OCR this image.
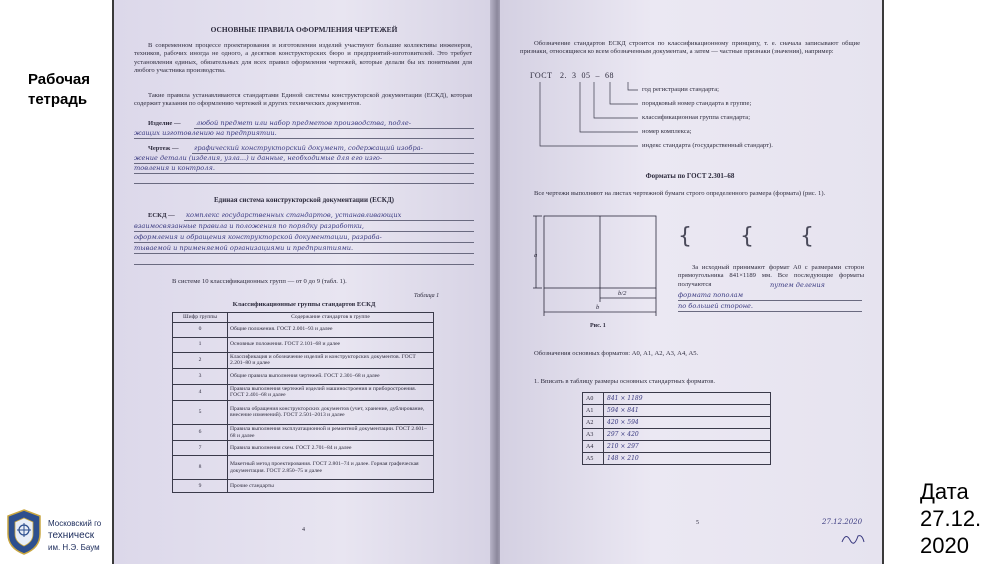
Рабочая
тетрадь
Дата
27.12.
2020
Московский го
техническ
им. Н.Э. Баум
ОСНОВНЫЕ ПРАВИЛА ОФОРМЛЕНИЯ ЧЕРТЕЖЕЙ
В современном процессе проектирования и изготовления изделий участвуют большие коллективы инженеров, техников, рабочих иногда не одного, а десятков конструкторских бюро и предприятий-изготовителей. Это требует установления единых, обязательных для всех правил оформления чертежей, которые делали бы их понятными для любого участника производства.
Такие правила устанавливаются стандартами Единой системы конструкторской документации (ЕСКД), которая содержит указания по оформлению чертежей и других технических документов.
Изделие — любой предмет или набор предметов производства, подле-
жащих изготовлению на предприятии.
Чертеж — графический конструкторский документ, содержащий изобра-
жение детали (изделия, узла...) и данные, необходимые для его изго-
товления и контроля.
Единая система конструкторской документации (ЕСКД)
ЕСКД — комплекс государственных стандартов, устанавливающих
взаимосвязанные правила и положения по порядку разработки,
оформления и обращения конструкторской документации, разраба-
тываемой и применяемой организациями и предприятиями.
В системе 10 классификационных групп — от 0 до 9 (табл. 1).
Таблица 1
Классификационные группы стандартов ЕСКД
Шифр группы	Содержание стандартов в группе
0	Общие положения. ГОСТ 2.001–93 и далее
1	Основные положения. ГОСТ 2.101–68 и далее
2	Классификация и обозначение изделий и конструкторских документов. ГОСТ 2.201–80 и далее
3	Общие правила выполнения чертежей. ГОСТ 2.301–68 и далее
4	Правила выполнения чертежей изделий машиностроения и приборостроения. ГОСТ 2.401–68 и далее
5	Правила обращения конструкторских документов (учет, хранение, дублирование, внесение изменений). ГОСТ 2.501–2013 и далее
6	Правила выполнения эксплуатационной и ремонтной документации. ГОСТ 2.601–68 и далее
7	Правила выполнения схем. ГОСТ 2.701–84 и далее
8	Макетный метод проектирования. ГОСТ 2.801–74 и далее. Горная графическая документация. ГОСТ 2.850–75 и далее
9	Прочие стандарты
4
Обозначение стандартов ЕСКД строится по классификационному принципу, т. е. сначала записывают общие признаки, относящиеся ко всем обозначенным документам, а затем — частные признаки (значения), например:
ГОСТ 2. 3 05 – 68
год регистрации стандарта;
порядковый номер стандарта в группе;
классификационная группа стандарта;
номер комплекса;
индекс стандарта (государственный стандарт).
Форматы по ГОСТ 2.301–68
Все чертежи выполняют на листах чертежной бумаги строго определенного размера (формата) (рис. 1).
a
b/2
b
Рис. 1
{ { {
За исходный принимают формат А0 с размерами сторон прямоугольника 841×1189 мм. Все последующие форматы получаются	путем деления
формата пополам
по большей стороне.
Обозначения основных форматов: А0, А1, А2, А3, А4, А5.
1. Вписать в таблицу размеры основных стандартных форматов.
А0	841 × 1189
А1	594 × 841
А2	420 × 594
А3	297 × 420
А4	210 × 297
А5	148 × 210
5	27.12.2020
